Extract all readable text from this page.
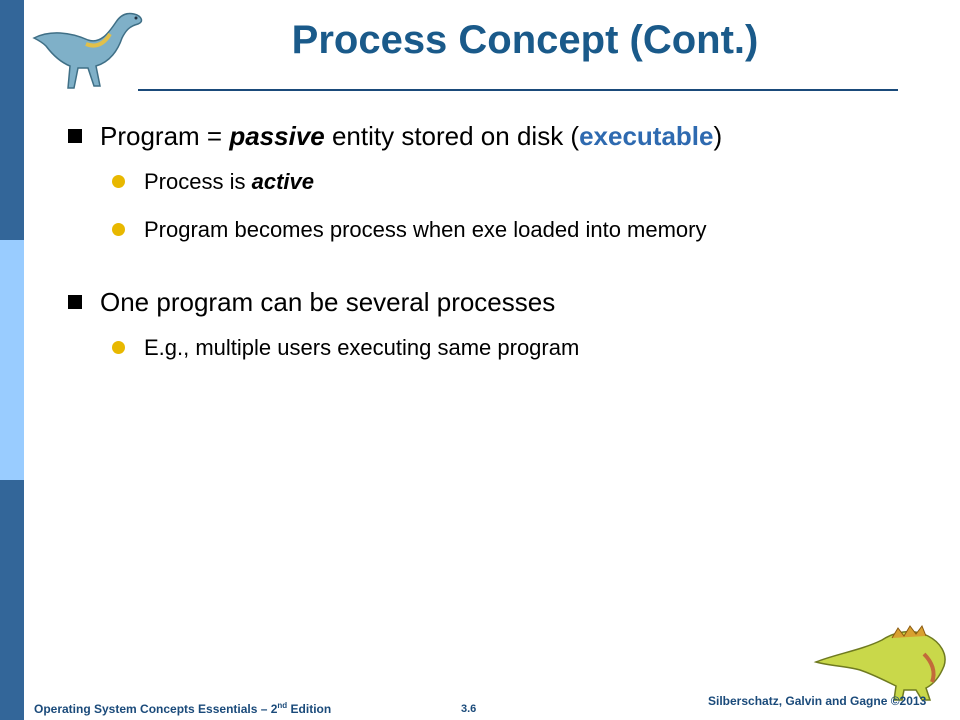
Process Concept (Cont.)
Program = passive entity stored on disk (executable)
Process is active
Program becomes process when exe loaded into memory
One program can be several processes
E.g., multiple users executing same program
Operating System Concepts Essentials – 2nd Edition	3.6
Silberschatz, Galvin and Gagne ©2013
